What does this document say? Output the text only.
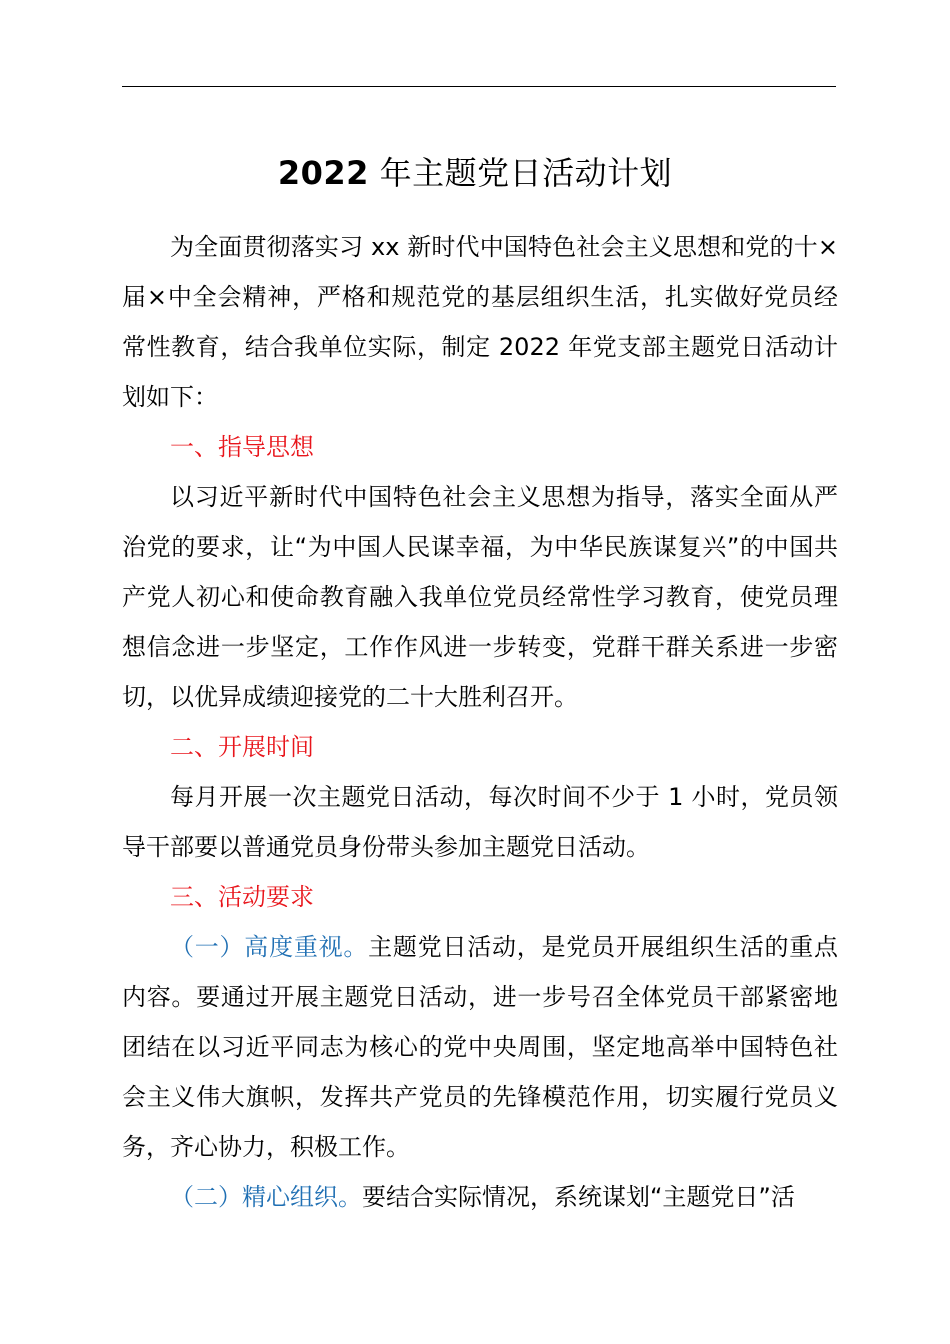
2022 年主题党日活动计划

为全面贯彻落实习 xx 新时代中国特色社会主义思想和党的十×届×中全会精神，严格和规范党的基层组织生活，扎实做好党员经常性教育，结合我单位实际，制定 2022 年党支部主题党日活动计划如下：

一、指导思想

以习近平新时代中国特色社会主义思想为指导，落实全面从严治党的要求，让“为中国人民谋幸福，为中华民族谋复兴”的中国共产党人初心和使命教育融入我单位党员经常性学习教育，使党员理想信念进一步坚定，工作作风进一步转变，党群干群关系进一步密切，以优异成绩迎接党的二十大胜利召开。

二、开展时间

每月开展一次主题党日活动，每次时间不少于 1 小时，党员领导干部要以普通党员身份带头参加主题党日活动。

三、活动要求

（一）高度重视。主题党日活动，是党员开展组织生活的重点内容。要通过开展主题党日活动，进一步号召全体党员干部紧密地团结在以习近平同志为核心的党中央周围，坚定地高举中国特色社会主义伟大旗帜，发挥共产党员的先锋模范作用，切实履行党员义务，齐心协力，积极工作。

（二）精心组织。要结合实际情况，系统谋划“主题党日”活
